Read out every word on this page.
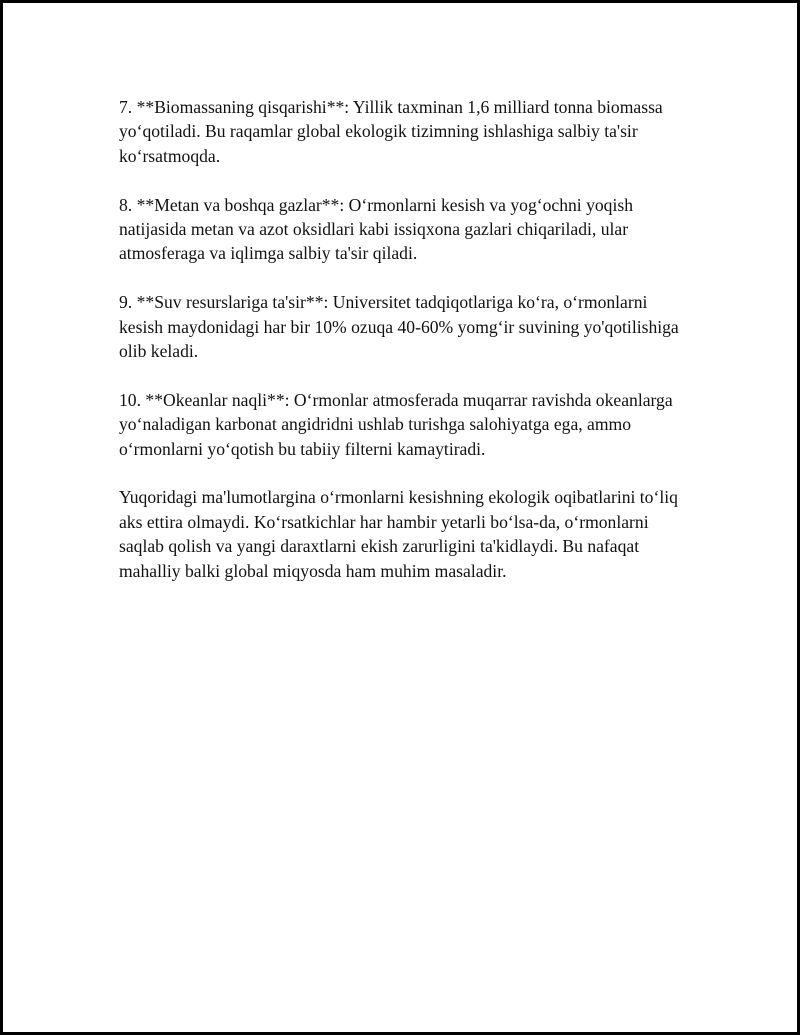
7. **Biomassaning qisqarishi**: Yillik taxminan 1,6 milliard tonna biomassa yo‘qotiladi. Bu raqamlar global ekologik tizimning ishlashiga salbiy ta'sir ko‘rsatmoqda.

8. **Metan va boshqa gazlar**: O‘rmonlarni kesish va yog‘ochni yoqish natijasida metan va azot oksidlari kabi issiqxona gazlari chiqariladi, ular atmosferaga va iqlimga salbiy ta'sir qiladi.

9. **Suv resurslariga ta'sir**: Universitet tadqiqotlariga ko‘ra, o‘rmonlarni kesish maydonidagi har bir 10% ozuqa 40-60% yomg‘ir suvining yo'qotilishiga olib keladi.

10. **Okeanlar naqli**: O‘rmonlar atmosferada muqarrar ravishda okeanlarga yo‘naladigan karbonat angidridni ushlab turishga salohiyatga ega, ammo o‘rmonlarni yo‘qotish bu tabiiy filterni kamaytiradi.

Yuqoridagi ma'lumotlargina o‘rmonlarni kesishning ekologik oqibatlarini to‘liq aks ettira olmaydi. Ko‘rsatkichlar har hambir yetarli bo‘lsa-da, o‘rmonlarni saqlab qolish va yangi daraxtlarni ekish zarurligini ta'kidlaydi. Bu nafaqat mahalliy balki global miqyosda ham muhim masaladir.
